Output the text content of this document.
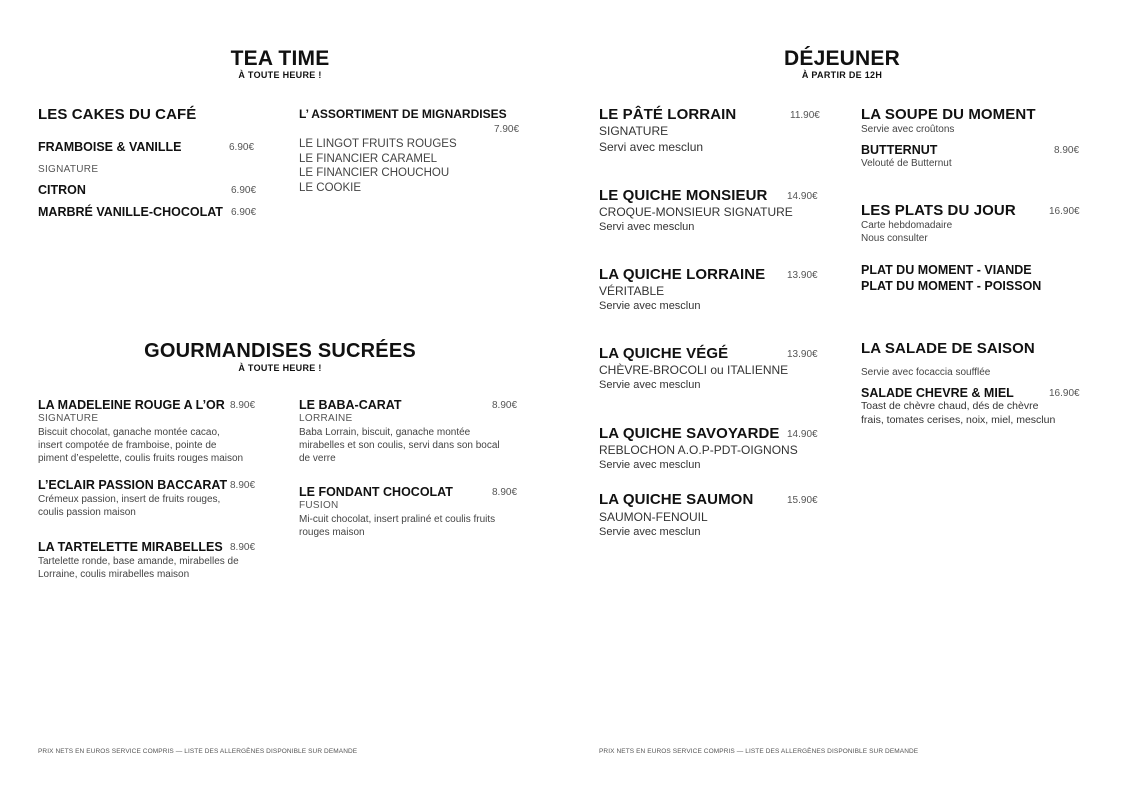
TEA TIME
À TOUTE HEURE !
LES CAKES DU CAFÉ
FRAMBOISE & VANILLE	6.90€
SIGNATURE
CITRON	6.90€
MARBRÉ VANILLE-CHOCOLAT 6.90€
L’ ASSORTIMENT DE MIGNARDISES
7.90€
LE LINGOT FRUITS ROUGES
LE FINANCIER CARAMEL
LE FINANCIER CHOUCHOU
LE COOKIE
GOURMANDISES SUCRÉES
À TOUTE HEURE !
LA MADELEINE ROUGE A L’OR 8.90€
SIGNATURE
Biscuit chocolat, ganache montée cacao,
insert compotée de framboise, pointe de
piment d’espelette, coulis fruits rouges maison
L’ECLAIR PASSION BACCARAT 8.90€
Crémeux passion, insert de fruits rouges,
coulis passion maison
LA TARTELETTE MIRABELLES 8.90€
Tartelette ronde, base amande, mirabelles de
Lorraine, coulis mirabelles maison
LE BABA-CARAT	8.90€
LORRAINE
Baba Lorrain, biscuit, ganache montée
mirabelles et son coulis, servi dans son bocal
de verre
LE FONDANT CHOCOLAT	8.90€
FUSION
Mi-cuit chocolat, insert praliné et coulis fruits
rouges maison
PRIX NETS EN EUROS SERVICE COMPRIS — LISTE DES ALLERGÈNES DISPONIBLE SUR DEMANDE
DÉJEUNER
À PARTIR DE 12H
LE PÂTÉ LORRAIN	11.90€
SIGNATURE
Servi avec mesclun
LE QUICHE MONSIEUR 14.90€
CROQUE-MONSIEUR SIGNATURE
Servi avec mesclun
LA QUICHE LORRAINE 13.90€
VÉRITABLE
Servie avec mesclun
LA QUICHE VÉGÉ	13.90€
CHÈVRE-BROCOLI ou ITALIENNE
Servie avec mesclun
LA QUICHE SAVOYARDE 14.90€
REBLOCHON A.O.P-PDT-OIGNONS
Servie avec mesclun
LA QUICHE SAUMON	15.90€
SAUMON-FENOUIL
Servie avec mesclun
LA SOUPE DU MOMENT
Servie avec croûtons
BUTTERNUT	8.90€
Velouté de Butternut
LES PLATS DU JOUR	16.90€
Carte hebdomadaire
Nous consulter
PLAT DU MOMENT - VIANDE
PLAT DU MOMENT - POISSON
LA SALADE DE SAISON
Servie avec focaccia soufflée
SALADE CHEVRE & MIEL	16.90€
Toast de chèvre chaud, dés de chèvre
frais, tomates cerises, noix, miel, mesclun
PRIX NETS EN EUROS SERVICE COMPRIS — LISTE DES ALLERGÈNES DISPONIBLE SUR DEMANDE
